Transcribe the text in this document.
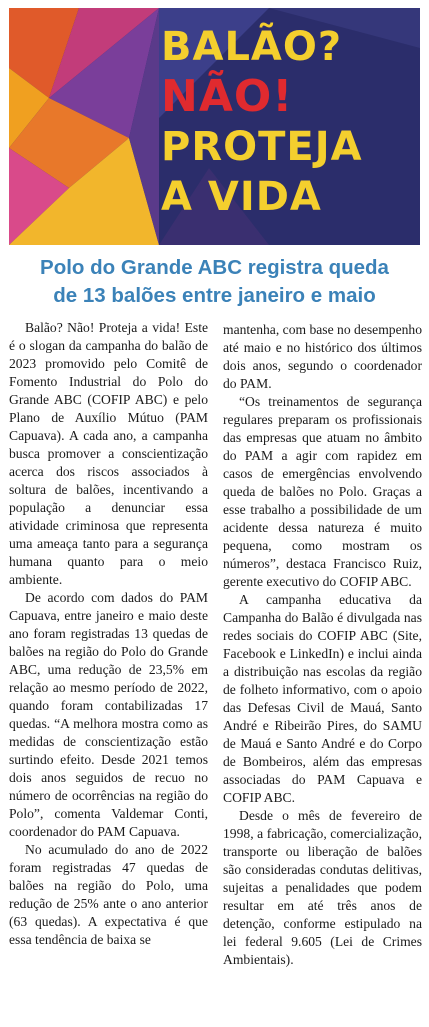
BALÃO?
NÃO!
PROTEJA
A VIDA
Polo do Grande ABC registra queda
de 13 balões entre janeiro e maio

Balão? Não! Proteja a vida! Este é o slogan da campanha do balão de 2023 promovido pelo Comitê de Fomento Industrial do Polo do Grande ABC (COFIP ABC) e pelo Plano de Auxílio Mútuo (PAM Capuava). A cada ano, a campanha busca promover a conscientização acerca dos riscos associados à soltura de balões, incentivando a população a denunciar essa atividade criminosa que representa uma ameaça tanto para a segurança humana quanto para o meio ambiente.

De acordo com dados do PAM Capuava, entre janeiro e maio deste ano foram registradas 13 quedas de balões na região do Polo do Grande ABC, uma redução de 23,5% em relação ao mesmo período de 2022, quando foram contabilizadas 17 quedas. “A melhora mostra como as medidas de conscientização estão surtindo efeito. Desde 2021 temos dois anos seguidos de recuo no número de ocorrências na região do Polo”, comenta Valdemar Conti, coordenador do PAM Capuava.

No acumulado do ano de 2022 foram registradas 47 quedas de balões na região do Polo, uma redução de 25% ante o ano anterior (63 quedas). A expectativa é que essa tendência de baixa se

mantenha, com base no desempenho até maio e no histórico dos últimos dois anos, segundo o coordenador do PAM.

“Os treinamentos de segurança regulares preparam os profissionais das empresas que atuam no âmbito do PAM a agir com rapidez em casos de emergências envolvendo queda de balões no Polo. Graças a esse trabalho a possibilidade de um acidente dessa natureza é muito pequena, como mostram os números”, destaca Francisco Ruiz, gerente executivo do COFIP ABC.

A campanha educativa da Campanha do Balão é divulgada nas redes sociais do COFIP ABC (Site, Facebook e LinkedIn) e inclui ainda a distribuição nas escolas da região de folheto informativo, com o apoio das Defesas Civil de Mauá, Santo André e Ribeirão Pires, do SAMU de Mauá e Santo André e do Corpo de Bombeiros, além das empresas associadas do PAM Capuava e COFIP ABC.

Desde o mês de fevereiro de 1998, a fabricação, comercialização, transporte ou liberação de balões são consideradas condutas delitivas, sujeitas a penalidades que podem resultar em até três anos de detenção, conforme estipulado na lei federal 9.605 (Lei de Crimes Ambientais).
